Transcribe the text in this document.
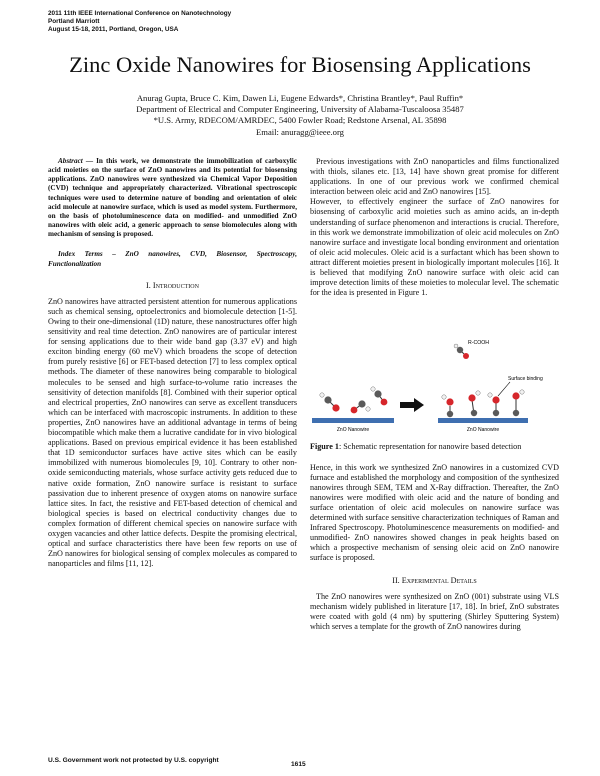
2011 11th IEEE International Conference on Nanotechnology
Portland Marriott
August 15-18, 2011, Portland, Oregon, USA
Zinc Oxide Nanowires for Biosensing Applications
Anurag Gupta, Bruce C. Kim, Dawen Li, Eugene Edwards*, Christina Brantley*, Paul Ruffin*
Department of Electrical and Computer Engineering, University of Alabama-Tuscaloosa 35487
*U.S. Army, RDECOM/AMRDEC, 5400 Fowler Road; Redstone Arsenal, AL 35898
Email: anuragg@ieee.org

Abstract — In this work, we demonstrate the immobilization of carboxylic acid moieties on the surface of ZnO nanowires and its potential for biosensing applications. ZnO nanowires were synthesized via Chemical Vapor Deposition (CVD) technique and appropriately characterized. Vibrational spectroscopic techniques were used to determine nature of bonding and orientation of oleic acid molecule at nanowire surface, which is used as model system. Furthermore, on the basis of photoluminescence data on modified- and unmodified ZnO nanowires with oleic acid, a generic approach to sense biomolecules along with mechanism of sensing is proposed.

Index Terms – ZnO nanowires, CVD, Biosensor, Spectroscopy, Functionalization

I. Introduction

ZnO nanowires have attracted persistent attention for numerous applications such as chemical sensing, optoelectronics and biomolecule detection [1-5]. Owing to their one-dimensional (1D) nature, these nanostructures offer high sensitivity and real time detection. ZnO nanowires are of particular interest for sensing applications due to their wide band gap (3.37 eV) and high exciton binding energy (60 meV) which broadens the scope of detection from purely resistive [6] or FET-based detection [7] to less complex optical methods. The diameter of these nanowires being comparable to biological molecules to be sensed and high surface-to-volume ratio increases the sensitivity of detection manifolds [8]. Combined with their superior optical and electrical properties, ZnO nanowires can serve as excellent transducers which can be interfaced with macroscopic instruments. In addition to these properties, ZnO nanowires have an additional advantage in terms of being biocompatible which make them a lucrative candidate for in vivo biological applications. Based on previous empirical evidence it has been established that 1D semiconductor surfaces have active sites which can be easily immobilized with numerous biomolecules [9, 10]. Contrary to other non-oxide semiconducting materials, whose surface activity gets reduced due to native oxide formation, ZnO nanowire surface is resistant to surface passivation due to inherent presence of oxygen atoms on nanowire surface lattice sites. In fact, the resistive and FET-based detection of chemical and biological species is based on electrical conductivity changes due to complex formation of different chemical species on nanowire surface with oxygen vacancies and other lattice defects. Despite the promising electrical, optical and surface characteristics there have been few reports on use of ZnO nanowires for biological sensing of complex molecules as compared to nanoparticles and films [11, 12].

Previous investigations with ZnO nanoparticles and films functionalized with thiols, silanes etc. [13, 14] have shown great promise for different applications. In one of our previous work we confirmed chemical interaction between oleic acid and ZnO nanowires [15].

However, to effectively engineer the surface of ZnO nanowires for biosensing of carboxylic acid moieties such as amino acids, an in-depth understanding of surface phenomenon and interactions is crucial. Therefore, in this work we demonstrate immobilization of oleic acid molecules on ZnO nanowire surface and investigate local bonding environment and orientation of oleic acid molecules. Oleic acid is a surfactant which has been shown to attract different moieties present in biologically important molecules [16]. It is believed that modifying ZnO nanowire surface with oleic acid can improve detection limits of these moieties to molecular level. The schematic for the idea is presented in Figure 1.

ZnO Nanowire	ZnO Nanowire
R-COOH
Surface binding

Figure 1: Schematic representation for nanowire based detection

Hence, in this work we synthesized ZnO nanowires in a customized CVD furnace and established the morphology and composition of the synthesized nanowires through SEM, TEM and X-Ray diffraction. Thereafter, the ZnO nanowires were modified with oleic acid and the nature of bonding and surface orientation of oleic acid molecules on nanowire surface was determined with surface sensitive characterization techniques of Raman and Infrared Spectroscopy. Photoluminescence measurements on modified- and unmodified- ZnO nanowires showed changes in peak heights based on which a prospective mechanism of sensing oleic acid on ZnO nanowire surface is proposed.

II. Experimental Details

The ZnO nanowires were synthesized on ZnO (001) substrate using VLS mechanism widely published in literature [17, 18]. In brief, ZnO substrates were coated with gold (4 nm) by sputtering (Shirley Sputtering System) which serves a template for the growth of ZnO nanowires during

U.S. Government work not protected by U.S. copyright
1615
